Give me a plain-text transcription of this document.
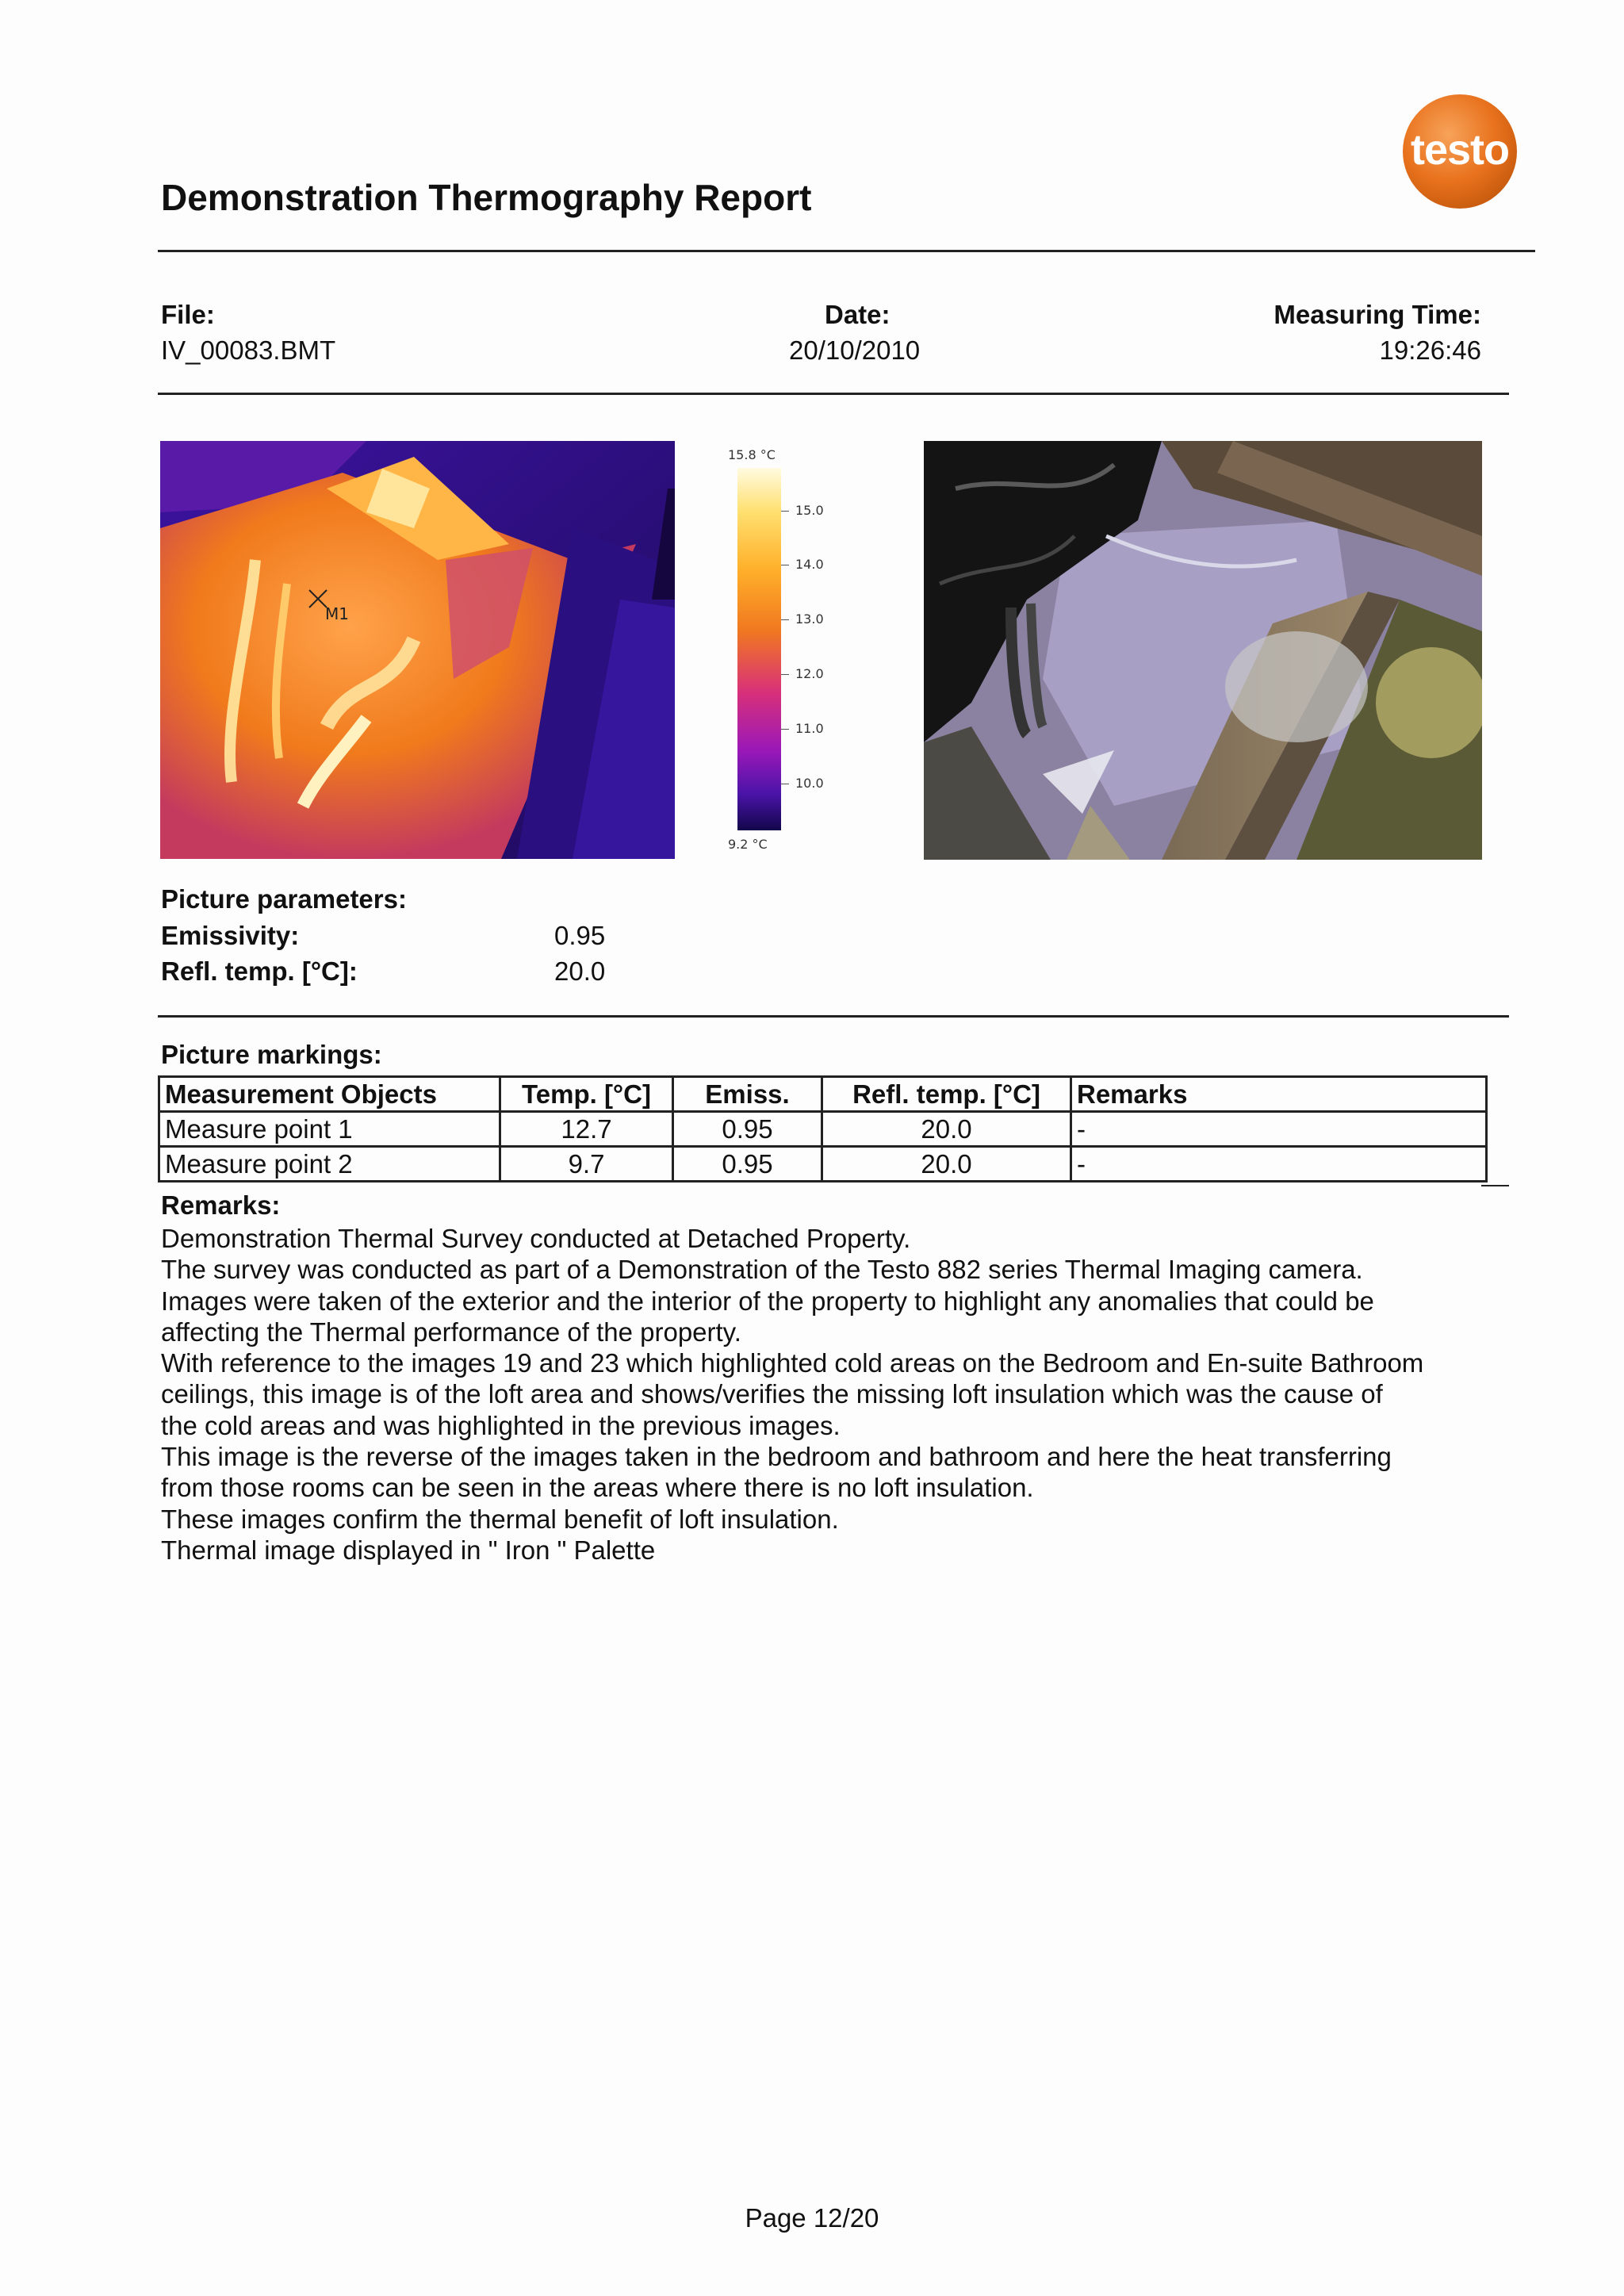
Demonstration Thermography Report
testo
File:
IV_00083.BMT
Date:
20/10/2010
Measuring Time:
19:26:46
M1
15.8 °C
15.0
14.0
13.0
12.0
11.0
10.0
9.2 °C
Picture parameters:
Emissivity:	0.95
Refl. temp. [°C]:	20.0
Picture markings:
Measurement Objects	Temp. [°C]	Emiss.	Refl. temp. [°C]	Remarks
Measure point 1	12.7	0.95	20.0	-
Measure point 2	9.7	0.95	20.0	-
Remarks:
Demonstration Thermal Survey conducted at Detached Property.
The survey was conducted as part of a Demonstration of the Testo 882 series Thermal Imaging camera.
Images were taken of the exterior and the interior of the property to highlight any anomalies that could be
affecting the Thermal performance of the property.
With reference to the images 19 and 23 which highlighted cold areas on the Bedroom and En-suite Bathroom
ceilings, this image is of the loft area and shows/verifies the missing loft insulation which was the cause of
the cold areas and was highlighted in the previous images.
This image is the reverse of the images taken in the bedroom and bathroom and here the heat transferring
from those rooms can be seen in the areas where there is no loft insulation.
These images confirm the thermal benefit of loft insulation.
Thermal image displayed in " Iron " Palette
Page 12/20
